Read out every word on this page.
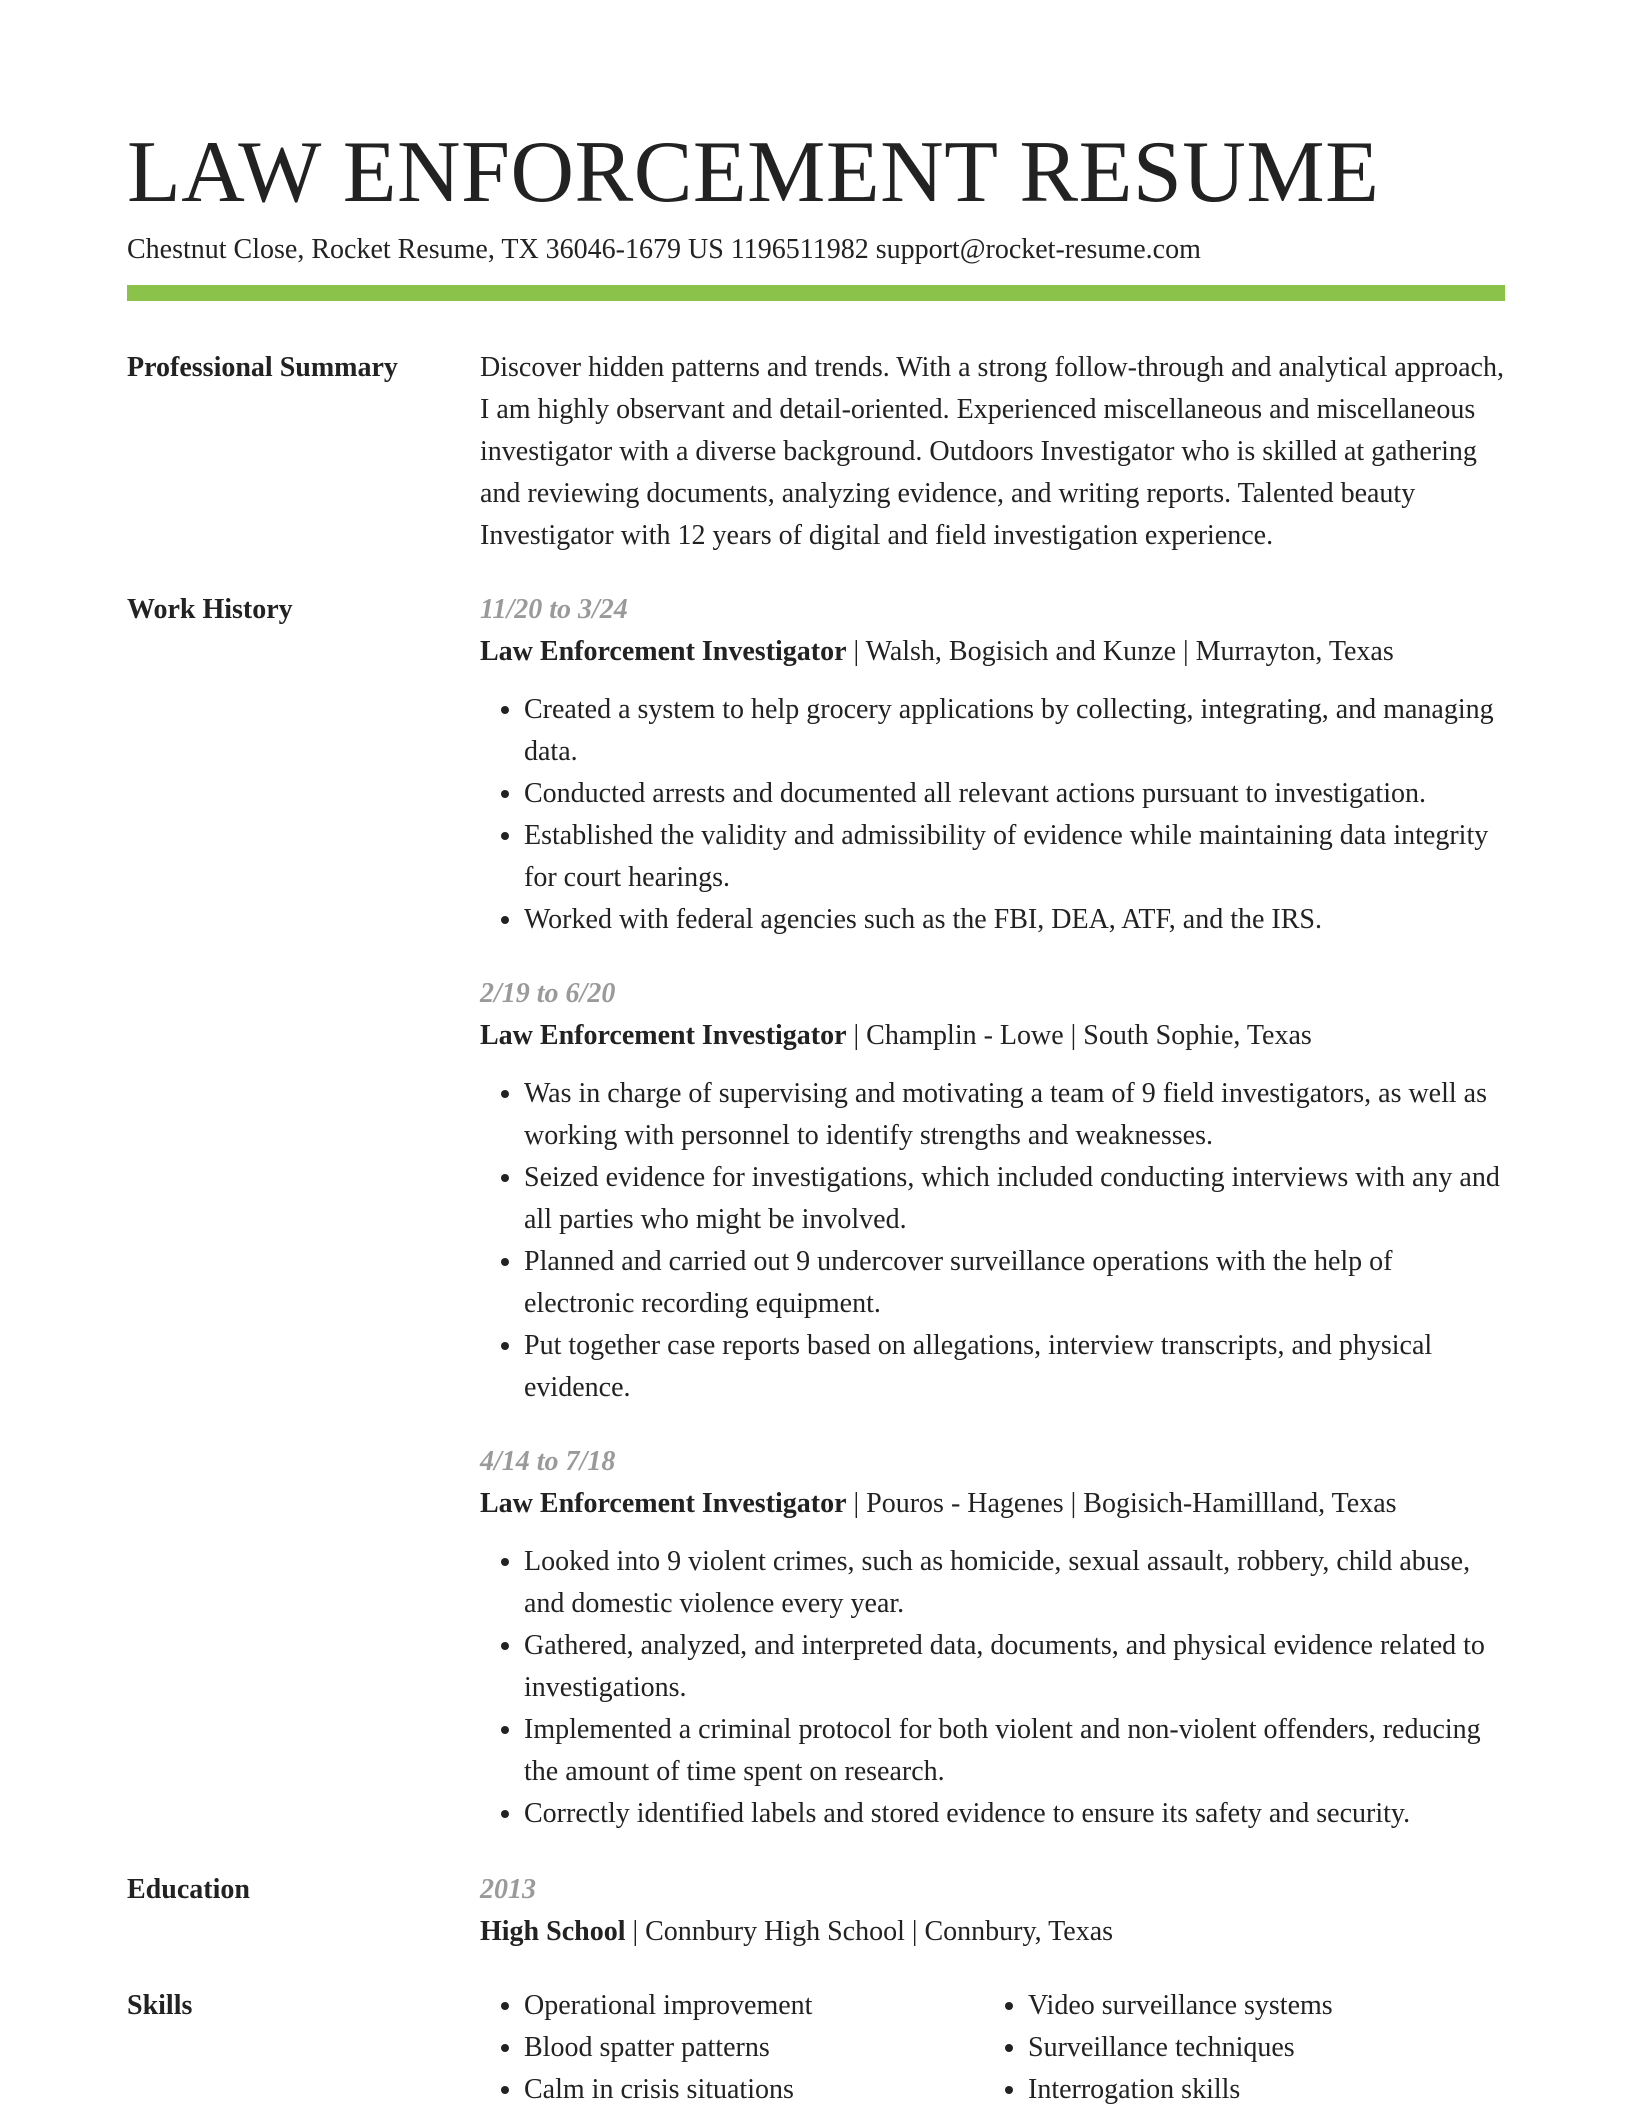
LAW ENFORCEMENT RESUME
Chestnut Close, Rocket Resume, TX 36046-1679 US 1196511982 support@rocket-resume.com
Professional Summary	Discover hidden patterns and trends. With a strong follow-through and analytical approach, I am highly observant and detail-oriented. Experienced miscellaneous and miscellaneous investigator with a diverse background. Outdoors Investigator who is skilled at gathering and reviewing documents, analyzing evidence, and writing reports. Talented beauty Investigator with 12 years of digital and field investigation experience.

Work History	11/20 to 3/24
Law Enforcement Investigator | Walsh, Bogisich and Kunze | Murrayton, Texas
• Created a system to help grocery applications by collecting, integrating, and managing data.
• Conducted arrests and documented all relevant actions pursuant to investigation.
• Established the validity and admissibility of evidence while maintaining data integrity for court hearings.
• Worked with federal agencies such as the FBI, DEA, ATF, and the IRS.
2/19 to 6/20
Law Enforcement Investigator | Champlin - Lowe | South Sophie, Texas
• Was in charge of supervising and motivating a team of 9 field investigators, as well as working with personnel to identify strengths and weaknesses.
• Seized evidence for investigations, which included conducting interviews with any and all parties who might be involved.
• Planned and carried out 9 undercover surveillance operations with the help of electronic recording equipment.
• Put together case reports based on allegations, interview transcripts, and physical evidence.
4/14 to 7/18
Law Enforcement Investigator | Pouros - Hagenes | Bogisich-Hamillland, Texas
• Looked into 9 violent crimes, such as homicide, sexual assault, robbery, child abuse, and domestic violence every year.
• Gathered, analyzed, and interpreted data, documents, and physical evidence related to investigations.
• Implemented a criminal protocol for both violent and non-violent offenders, reducing the amount of time spent on research.
• Correctly identified labels and stored evidence to ensure its safety and security.
Education	2013
High School | Connbury High School | Connbury, Texas
Skills
•	Operational improvement
• Blood spatter patterns
• Calm in crisis situations
• Video surveillance systems
• Surveillance techniques
• Interrogation skills
